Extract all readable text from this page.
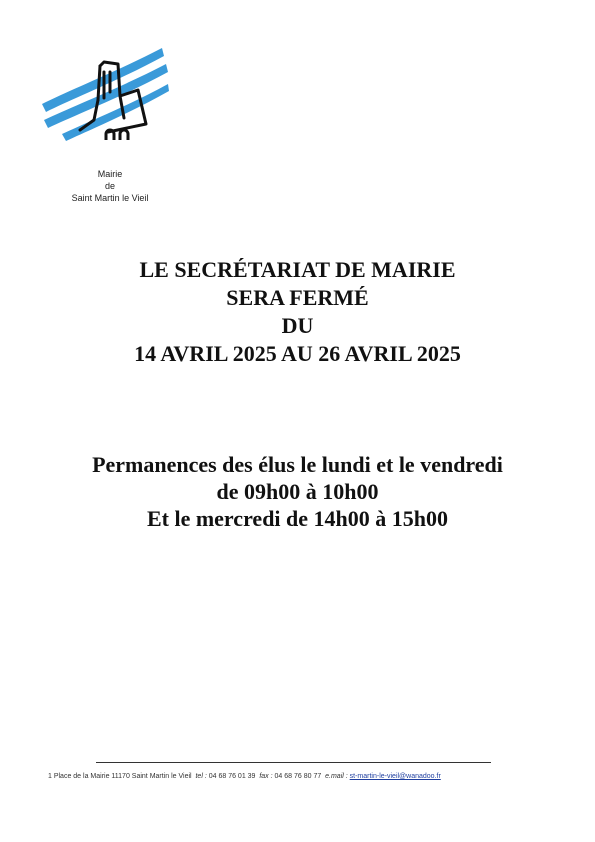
Mairie
de
Saint Martin le Vieil
LE SECRÉTARIAT DE MAIRIE
SERA FERMÉ
DU
14 AVRIL 2025 AU 26 AVRIL 2025
Permanences des élus le lundi et le vendredi
de 09h00 à 10h00
Et le mercredi de 14h00 à 15h00
1 Place de la Mairie 11170 Saint Martin le Vieil tel : 04 68 76 01 39 fax : 04 68 76 80 77 e.mail : st-martin-le-vieil@wanadoo.fr
